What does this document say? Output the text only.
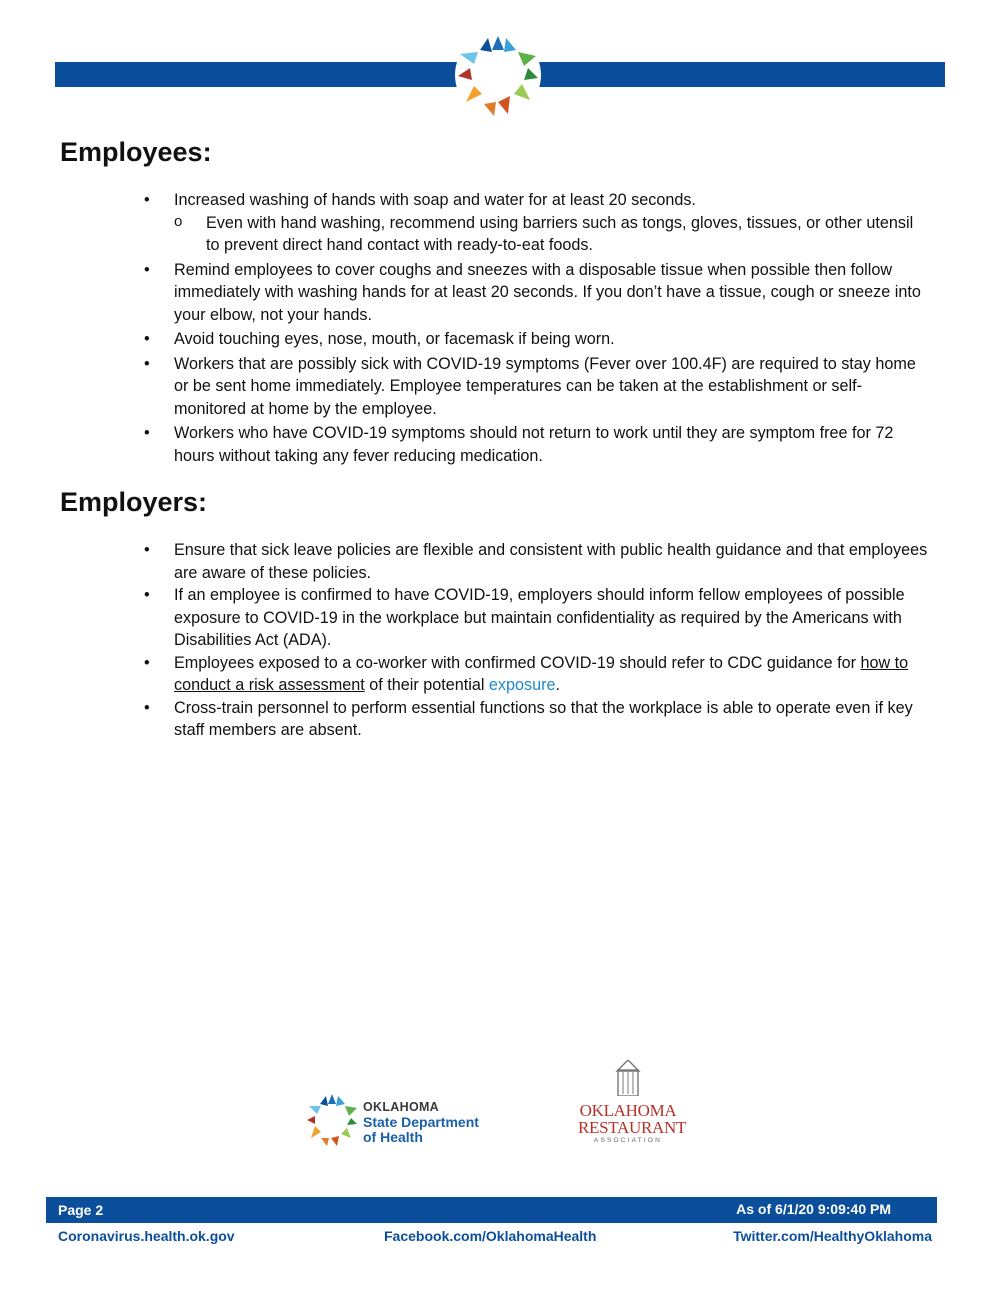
Employees:
• Increased washing of hands with soap and water for at least 20 seconds.
o Even with hand washing, recommend using barriers such as tongs, gloves, tissues, or other utensil to prevent direct hand contact with ready-to-eat foods.
• Remind employees to cover coughs and sneezes with a disposable tissue when possible then follow immediately with washing hands for at least 20 seconds. If you don’t have a tissue, cough or sneeze into your elbow, not your hands.
• Avoid touching eyes, nose, mouth, or facemask if being worn.
• Workers that are possibly sick with COVID-19 symptoms (Fever over 100.4F) are required to stay home or be sent home immediately. Employee temperatures can be taken at the establishment or self-monitored at home by the employee.
• Workers who have COVID-19 symptoms should not return to work until they are symptom free for 72 hours without taking any fever reducing medication.
Employers:
• Ensure that sick leave policies are flexible and consistent with public health guidance and that employees are aware of these policies.
• If an employee is confirmed to have COVID-19, employers should inform fellow employees of possible exposure to COVID-19 in the workplace but maintain confidentiality as required by the Americans with Disabilities Act (ADA).
• Employees exposed to a co-worker with confirmed COVID-19 should refer to CDC guidance for how to conduct a risk assessment of their potential exposure.
• Cross-train personnel to perform essential functions so that the workplace is able to operate even if key staff members are absent.
OKLAHOMA
State Department
of Health
OKLAHOMA
RESTAURANT
ASSOCIATION
Page 2	As of 6/1/20 9:09:40 PM
Coronavirus.health.ok.gov	Facebook.com/OklahomaHealth	Twitter.com/HealthyOklahoma
